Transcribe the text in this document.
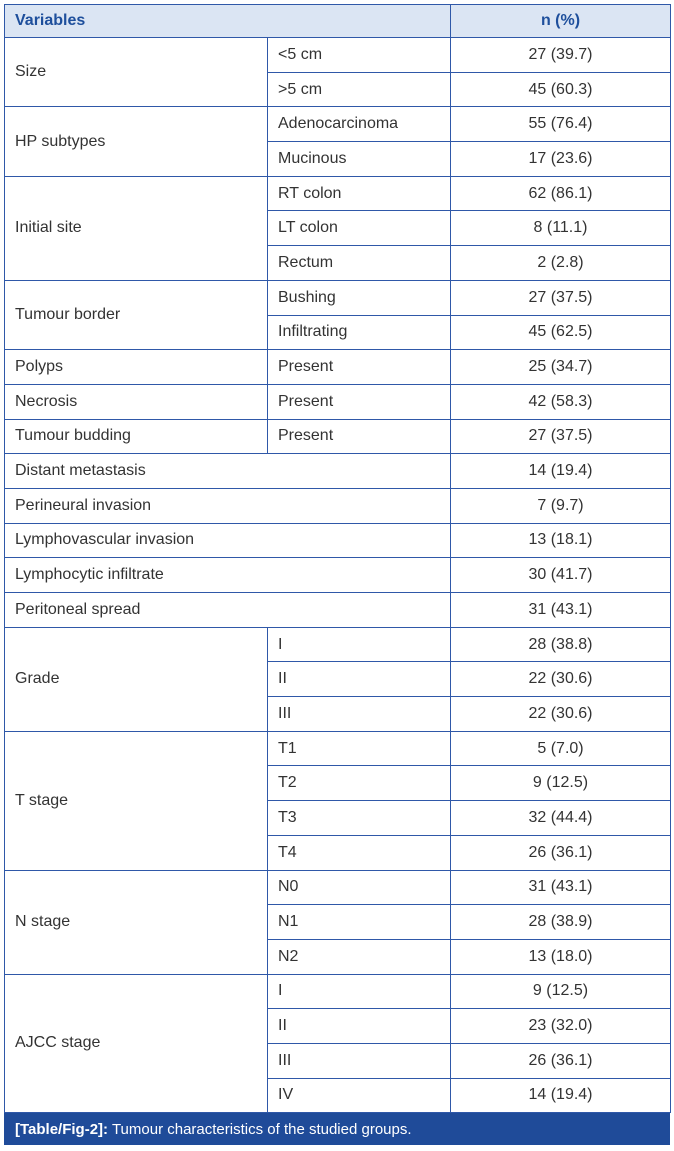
Variables		n (%)
Size	<5 cm	27 (39.7)
	>5 cm	45 (60.3)
HP subtypes	Adenocarcinoma	55 (76.4)
	Mucinous	17 (23.6)
Initial site	RT colon	62 (86.1)
	LT colon	8 (11.1)
	Rectum	2 (2.8)
Tumour border	Bushing	27 (37.5)
	Infiltrating	45 (62.5)
Polyps	Present	25 (34.7)
Necrosis	Present	42 (58.3)
Tumour budding	Present	27 (37.5)
Distant metastasis		14 (19.4)
Perineural invasion		7 (9.7)
Lymphovascular invasion		13 (18.1)
Lymphocytic infiltrate		30 (41.7)
Peritoneal spread		31 (43.1)
Grade	I	28 (38.8)
	II	22 (30.6)
	III	22 (30.6)
T stage	T1	5 (7.0)
	T2	9 (12.5)
	T3	32 (44.4)
	T4	26 (36.1)
N stage	N0	31 (43.1)
	N1	28 (38.9)
	N2	13 (18.0)
AJCC stage	I	9 (12.5)
	II	23 (32.0)
	III	26 (36.1)
	IV	14 (19.4)
[Table/Fig-2]: Tumour characteristics of the studied groups.
